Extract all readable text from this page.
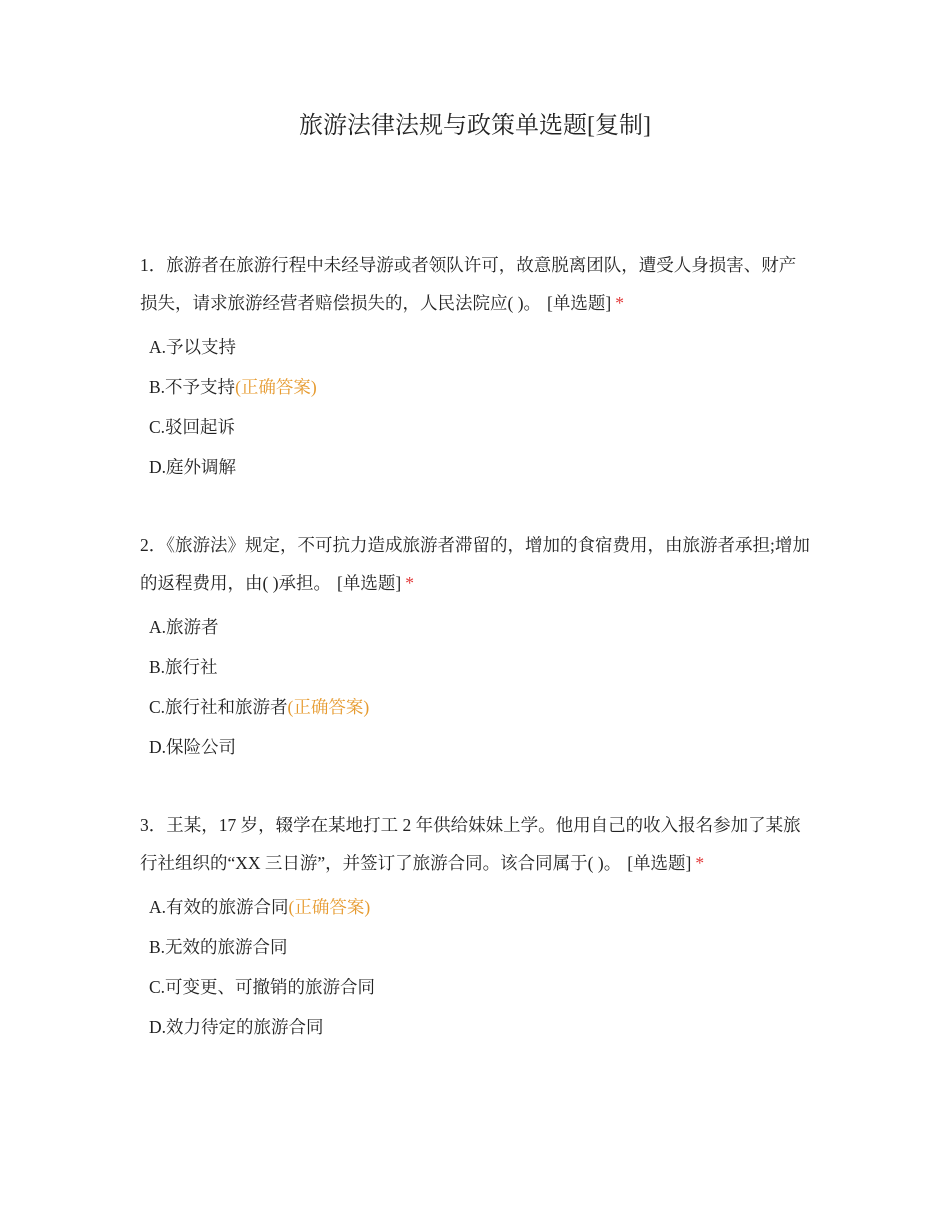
旅游法律法规与政策单选题[复制]

1．旅游者在旅游行程中未经导游或者领队许可，故意脱离团队，遭受人身损害、财产损失，请求旅游经营者赔偿损失的，人民法院应( )。 [单选题] *

A.予以支持
B.不予支持(正确答案)
C.驳回起诉
D.庭外调解

2．《旅游法》规定，不可抗力造成旅游者滞留的，增加的食宿费用，由旅游者承担;增加的返程费用，由( )承担。 [单选题] *

A.旅游者
B.旅行社
C.旅行社和旅游者(正确答案)
D.保险公司

3．王某，17 岁，辍学在某地打工 2 年供给妹妹上学。他用自己的收入报名参加了某旅行社组织的“XX 三日游”，并签订了旅游合同。该合同属于( )。 [单选题] *

A.有效的旅游合同(正确答案)
B.无效的旅游合同
C.可变更、可撤销的旅游合同
D.效力待定的旅游合同
